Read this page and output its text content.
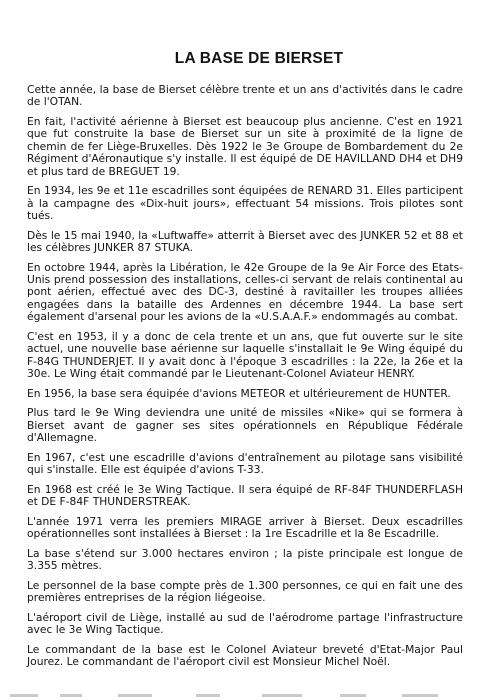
LA BASE DE BIERSET

Cette année, la base de Bierset célèbre trente et un ans d'activités dans le cadre de l'OTAN.

En fait, l'activité aérienne à Bierset est beaucoup plus ancienne. C'est en 1921 que fut construite la base de Bierset sur un site à proximité de la ligne de chemin de fer Liège-Bruxelles. Dès 1922 le 3e Groupe de Bombardement du 2e Régiment d'Aéronautique s'y installe. Il est équipé de DE HAVILLAND DH4 et DH9 et plus tard de BREGUET 19.

En 1934, les 9e et 11e escadrilles sont équipées de RENARD 31. Elles participent à la campagne des «Dix-huit jours», effectuant 54 missions. Trois pilotes sont tués.

Dès le 15 mai 1940, la «Luftwaffe» atterrit à Bierset avec des JUNKER 52 et 88 et les célèbres JUNKER 87 STUKA.

En octobre 1944, après la Libération, le 42e Groupe de la 9e Air Force des Etats-Unis prend possession des installations, celles-ci servant de relais continental au pont aérien, effectué avec des DC-3, destiné à ravitailler les troupes alliées engagées dans la bataille des Ardennes en décembre 1944. La base sert également d'arsenal pour les avions de la «U.S.A.A.F.» endommagés au combat.

C'est en 1953, il y a donc de cela trente et un ans, que fut ouverte sur le site actuel, une nouvelle base aérienne sur laquelle s'installait le 9e Wing équipé du F-84G THUNDERJET. Il y avait donc à l'époque 3 escadrilles : la 22e, la 26e et la 30e. Le Wing était commandé par le Lieutenant-Colonel Aviateur HENRY.

En 1956, la base sera équipée d'avions METEOR et ultérieurement de HUNTER.

Plus tard le 9e Wing deviendra une unité de missiles «Nike» qui se formera à Bierset avant de gagner ses sites opérationnels en République Fédérale d'Allemagne.

En 1967, c'est une escadrille d'avions d'entraînement au pilotage sans visibilité qui s'installe. Elle est équipée d'avions T-33.

En 1968 est créé le 3e Wing Tactique. Il sera équipé de RF-84F THUNDERFLASH et DE F-84F THUNDERSTREAK.

L'année 1971 verra les premiers MIRAGE arriver à Bierset. Deux escadrilles opérationnelles sont installées à Bierset : la 1re Escadrille et la 8e Escadrille.

La base s'étend sur 3.000 hectares environ ; la piste principale est longue de 3.355 mètres.

Le personnel de la base compte près de 1.300 personnes, ce qui en fait une des premières entreprises de la région liégeoise.

L'aéroport civil de Liège, installé au sud de l'aérodrome partage l'infrastructure avec le 3e Wing Tactique.

Le commandant de la base est le Colonel Aviateur breveté d'Etat-Major Paul Jourez. Le commandant de l'aéroport civil est Monsieur Michel Noël.
